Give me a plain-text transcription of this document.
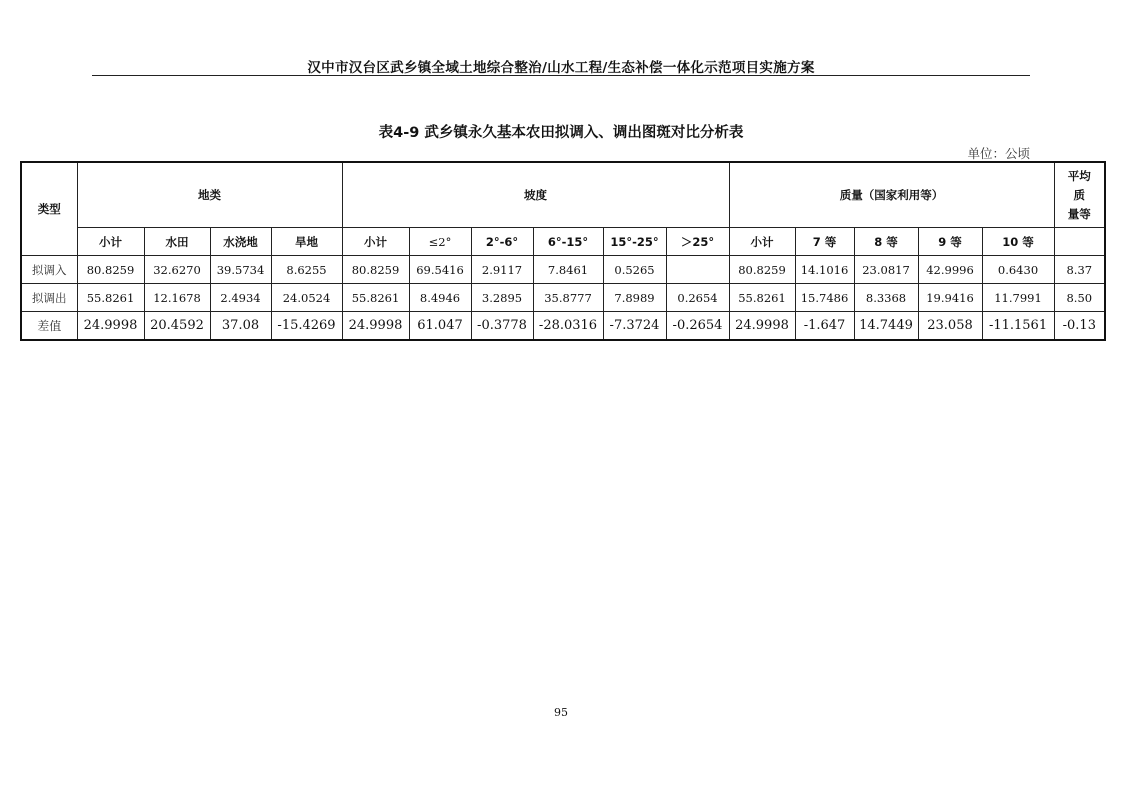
汉中市汉台区武乡镇全域土地综合整治/山水工程/生态补偿一体化示范项目实施方案
表4-9 武乡镇永久基本农田拟调入、调出图斑对比分析表
单位：公顷
类型	地类				坡度						质量（国家利用等）					平均
质
量等

	小计	水田	水浇地	旱地	小计	≤2°	2°-6°	6°-15°	15°-25°	＞25°	小计	7 等	8 等	9 等	10 等	
拟调入	80.8259	32.6270	39.5734	8.6255	80.8259	69.5416	2.9117	7.8461	0.5265		80.8259	14.1016	23.0817	42.9996	0.6430	8.37
拟调出	55.8261	12.1678	2.4934	24.0524	55.8261	8.4946	3.2895	35.8777	7.8989	0.2654	55.8261	15.7486	8.3368	19.9416	11.7991	8.50
差值	24.9998	20.4592	37.08	-15.4269	24.9998	61.047	-0.3778	-28.0316	-7.3724	-0.2654	24.9998	-1.647	14.7449	23.058	-11.1561	-0.13
95
